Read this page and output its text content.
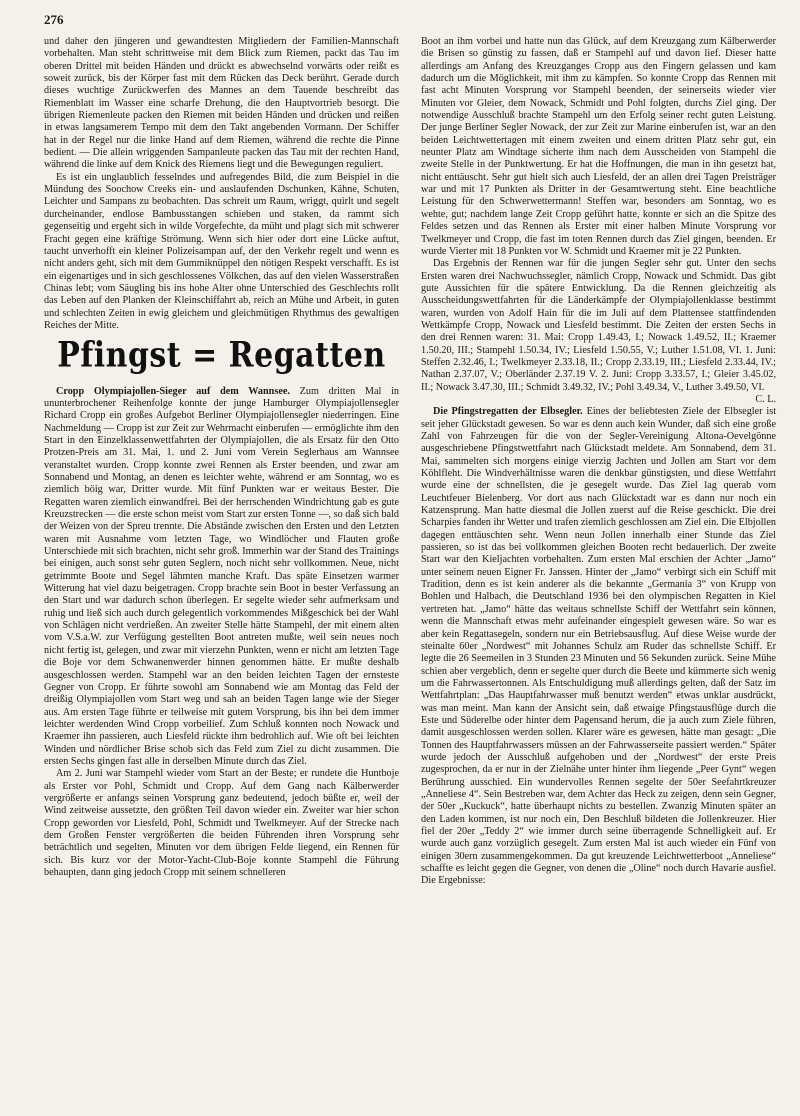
276

und daher den jüngeren und gewandtesten Mitgliedern der Familien-Mannschaft vorbehalten. Man steht schrittweise mit dem Blick zum Riemen, packt das Tau im oberen Drittel mit beiden Händen und drückt es abwechselnd vorwärts oder reißt es soweit zurück, bis der Körper fast mit dem Rücken das Deck berührt. Gerade durch dieses wuchtige Zurückwerfen des Mannes an dem Tauende beschreibt das Riemenblatt im Wasser eine scharfe Drehung, die den Hauptvortrieb besorgt. Die übrigen Riemenleute packen den Riemen mit beiden Händen und drücken und reißen in etwas langsamerem Tempo mit dem den Takt angebenden Vormann. Der Schiffer hat in der Regel nur die linke Hand auf dem Riemen, während die rechte die Pinne bedient. — Die allein wriggenden Sampanleute packen das Tau mit der rechten Hand, während die linke auf dem Knick des Riemens liegt und die Bewegungen reguliert.

Es ist ein unglaublich fesselndes und aufregendes Bild, die zum Beispiel in die Mündung des Soochow Creeks ein- und auslaufenden Dschunken, Kähne, Schuten, Leichter und Sampans zu beobachten. Das schreit um Raum, wriggt, quirlt und segelt durcheinander, endlose Bambusstangen schieben und staken, da rammt sich gegenseitig und ergeht sich in wilde Vorgefechte, da müht und plagt sich mit schwerer Fracht gegen eine kräftige Strömung. Wenn sich hier oder dort eine Lücke auftut, taucht unverhofft ein kleiner Polizeisampan auf, der den Verkehr regelt und wenn es nicht anders geht, sich mit dem Gummiknüppel den nötigen Respekt verschafft. Es ist ein eigenartiges und in sich geschlossenes Völkchen, das auf den vielen Wasserstraßen Chinas lebt; vom Säugling bis ins hohe Alter ohne Unterschied des Geschlechts rollt das Leben auf den Planken der Kleinschiffahrt ab, reich an Mühe und Arbeit, in guten und schlechten Zeiten in ewig gleichem und gleichmütigen Rhythmus des gewaltigen Reiches der Mitte.

Pfingst = Regatten

Cropp Olympiajollen-Sieger auf dem Wannsee. Zum dritten Mal in ununterbrochener Reihenfolge konnte der junge Hamburger Olympiajollensegler Richard Cropp ein großes Aufgebot Berliner Olympiajollensegler niederringen. Eine Nachmeldung — Cropp ist zur Zeit zur Wehrmacht einberufen — ermöglichte ihm den Start in den Einzelklassenwettfahrten der Olympiajollen, die als Ersatz für den Otto Protzen-Preis am 31. Mai, 1. und 2. Juni vom Verein Seglerhaus am Wannsee veranstaltet wurden. Cropp konnte zwei Rennen als Erster beenden, und zwar am Sonnabend und Montag, an denen es leichter wehte, während er am Sonntag, wo es ziemlich böig war, Dritter wurde. Mit fünf Punkten war er weitaus Bester. Die Regatten waren ziemlich einwandfrei. Bei der herrschenden Windrichtung gab es gute Kreuzstrecken — die erste schon meist vom Start zur ersten Tonne —, so daß sich bald der Weizen von der Spreu trennte. Die Abstände zwischen den Ersten und den Letzten waren mit Ausnahme vom letzten Tage, wo Windlöcher und Flauten große Unterschiede mit sich brachten, nicht sehr groß. Immerhin war der Stand des Trainings bei einigen, auch sonst sehr guten Seglern, noch nicht sehr vollkommen. Neue, nicht getrimmte Boote und Segel lähmten manche Kraft. Das späte Einsetzen warmer Witterung hat viel dazu beigetragen. Cropp brachte sein Boot in bester Verfassung an den Start und war dadurch schon überlegen. Er segelte wieder sehr aufmerksam und ruhig und ließ sich auch durch gelegentlich vorkommendes Mißgeschick bei der Wahl von Schlägen nicht verdrießen. An zweiter Stelle hätte Stampehl, der mit einem alten vom V.S.a.W. zur Verfügung gestellten Boot antreten mußte, weil sein neues noch nicht fertig ist, gelegen, und zwar mit vierzehn Punkten, wenn er nicht am letzten Tage die Boje vor dem Schwanenwerder hinnen genommen hätte. Er mußte deshalb ausgeschlossen werden. Stampehl war an den beiden leichten Tagen der ernsteste Gegner von Cropp. Er führte sowohl am Sonnabend wie am Montag das Feld der dreißig Olympiajollen vom Start weg und sah an beiden Tagen lange wie der Sieger aus. Am ersten Tage führte er teilweise mit gutem Vorsprung, bis ihn bei dem immer leichter werdenden Wind Cropp vorbeilief. Zum Schluß konnten noch Nowack und Kraemer ihn passieren, auch Liesfeld rückte ihm bedrohlich auf. Wie oft bei leichten Winden und nördlicher Brise schob sich das Feld zum Ziel zu dicht zusammen. Die ersten Sechs gingen fast alle in derselben Minute durch das Ziel.

Am 2. Juni war Stampehl wieder vom Start an der Beste; er rundete die Huntboje als Erster vor Pohl, Schmidt und Cropp. Auf dem Gang nach Kälberwerder vergrößerte er anfangs seinen Vorsprung ganz bedeutend, jedoch büßte er, weil der Wind zeitweise aussetzte, den größten Teil davon wieder ein. Zweiter war hier schon Cropp geworden vor Liesfeld, Pohl, Schmidt und Twelkmeyer. Auf der Strecke nach dem Großen Fenster vergrößerten die beiden Führenden ihren Vorsprung sehr beträchtlich und segelten, Minuten vor dem übrigen Felde liegend, ein Rennen für sich. Bis kurz vor der Motor-Yacht-Club-Boje konnte Stampehl die Führung behaupten, dann ging jedoch Cropp mit seinem schnelleren

Boot an ihm vorbei und hatte nun das Glück, auf dem Kreuzgang zum Kälberwerder die Brisen so günstig zu fassen, daß er Stampehl auf und davon lief. Dieser hatte allerdings am Anfang des Kreuzganges Cropp aus den Fingern gelassen und kam dadurch um die Möglichkeit, mit ihm zu kämpfen. So konnte Cropp das Rennen mit fast acht Minuten Vorsprung vor Stampehl beenden, der seinerseits wieder vier Minuten vor Gleier, dem Nowack, Schmidt und Pohl folgten, durchs Ziel ging. Der notwendige Ausschluß brachte Stampehl um den Erfolg seiner recht guten Leistung. Der junge Berliner Segler Nowack, der zur Zeit zur Marine einberufen ist, war an den beiden Leichtwettertagen mit einem zweiten und einem dritten Platz sehr gut, ein neunter Platz am Windtage sicherte ihm nach dem Ausscheiden von Stampehl die zweite Stelle in der Punktwertung. Er hat die Hoffnungen, die man in ihn gesetzt hat, nicht enttäuscht. Sehr gut hielt sich auch Liesfeld, der an allen drei Tagen Preisträger war und mit 17 Punkten als Dritter in der Gesamtwertung steht. Eine beachtliche Leistung für den Schwerwettermann! Steffen war, besonders am Sonntag, wo es wehte, gut; nachdem lange Zeit Cropp geführt hatte, konnte er sich an die Spitze des Feldes setzen und das Rennen als Erster mit einer halben Minute Vorsprung vor Twelkmeyer und Cropp, die fast im toten Rennen durch das Ziel gingen, beenden. Er wurde Vierter mit 18 Punkten vor W. Schmidt und Kraemer mit je 22 Punkten.

Das Ergebnis der Rennen war für die jungen Segler sehr gut. Unter den sechs Ersten waren drei Nachwuchssegler, nämlich Cropp, Nowack und Schmidt. Das gibt gute Aussichten für die spätere Entwicklung. Da die Rennen gleichzeitig als Ausscheidungswettfahrten für die Länderkämpfe der Olympiajollenklasse bestimmt waren, wurden von Adolf Hain für die im Juli auf dem Plattensee stattfindenden Wettkämpfe Cropp, Nowack und Liesfeld bestimmt. Die Zeiten der ersten Sechs in den drei Rennen waren: 31. Mai: Cropp 1.49.43, I.; Nowack 1.49.52, II.; Kraemer 1.50.20, III.; Stampehl 1.50.34, IV.; Liesfeld 1.50.55, V.; Luther 1.51.08, VI. 1. Juni: Steffen 2.32.46, I.; Twelkmeyer 2.33.18, II.; Cropp 2.33.19, III.; Liesfeld 2.33.44, IV.; Nathan 2.37.07, V.; Oberländer 2.37.19 V. 2. Juni: Cropp 3.33.57, I.; Gleier 3.45.02, II.; Nowack 3.47.30, III.; Schmidt 3.49.32, IV.; Pohl 3.49.34, V., Luther 3.49.50, VI.

C. L.

Die Pfingstregatten der Elbsegler. Eines der beliebtesten Ziele der Elbsegler ist seit jeher Glückstadt gewesen. So war es denn auch kein Wunder, daß sich eine große Zahl von Fahrzeugen für die von der Segler-Vereinigung Altona-Oevelgönne ausgeschriebene Pfingstwettfahrt nach Glückstadt meldete. Am Sonnabend, dem 31. Mai, sammelten sich morgens einige vierzig Jachten und Jollen am Start vor dem Köhlfleht. Die Windverhältnisse waren die denkbar günstigsten, und diese Wettfahrt wurde eine der schnellsten, die je gesegelt wurde. Das Ziel lag querab vom Leuchtfeuer Bielenberg. Vor dort aus nach Glückstadt war es dann nur noch ein Katzensprung. Man hatte diesmal die Jollen zuerst auf die Reise geschickt. Die drei Scharpies fanden ihr Wetter und trafen ziemlich geschlossen am Ziel ein. Die Elbjollen dagegen enttäuschten sehr. Wenn neun Jollen innerhalb einer Stunde das Ziel passieren, so ist das bei vollkommen gleichen Booten recht bedauerlich. Der zweite Start war den Kieljachten vorbehalten. Zum ersten Mal erschien der Achter „Jamo“ unter seinem neuen Eigner Fr. Janssen. Hinter der „Jamo“ verbirgt sich ein Schiff mit Tradition, denn es ist kein anderer als die bekannte „Germania 3“ von Krupp von Bohlen und Halbach, die Deutschland 1936 bei den olympischen Regatten in Kiel vertreten hat. „Jamo“ hätte das weitaus schnellste Schiff der Wettfahrt sein können, wenn die Mannschaft etwas mehr aufeinander eingespielt gewesen wäre. So war es aber kein Regattasegeln, sondern nur ein Betriebsausflug. Auf diese Weise wurde der steinalte 60er „Nordwest“ mit Johannes Schulz am Ruder das schnellste Schiff. Er legte die 26 Seemeilen in 3 Stunden 23 Minuten und 56 Sekunden zurück. Seine Mühe schien aber vergeblich, denn er segelte quer durch die Beete und kümmerte sich wenig um die Fahrwassertonnen. Als Entschuldigung muß allerdings gelten, daß der Satz im Wettfahrtplan: „Das Hauptfahrwasser muß benutzt werden“ etwas unklar ausdrückt, was man meint. Man kann der Ansicht sein, daß etwaige Pfingstausflüge durch die Este und Süderelbe oder hinter dem Pagensand herum, die ja auch zum Ziele führen, damit ausgeschlossen werden sollen. Klarer wäre es gewesen, hätte man gesagt: „Die Tonnen des Hauptfahrwassers müssen an der Fahrwasserseite passiert werden.“ Später wurde jedoch der Ausschluß aufgehoben und der „Nordwest“ der erste Preis zugesprochen, da er nur in der Zielnähe unter hinter ihm liegende „Peer Gynt“ wegen Berührung ausschied. Ein wundervolles Rennen segelte der 50er Seefahrtkreuzer „Anneliese 4“. Sein Bestreben war, dem Achter das Heck zu zeigen, denn sein Gegner, der 50er „Kuckuck“, hatte überhaupt nichts zu bestellen. Zwanzig Minuten später an den Laden kommen, ist nur noch ein, Den Beschluß bildeten die Jollenkreuzer. Hier fiel der 20er „Teddy 2“ wie immer durch seine überragende Schnelligkeit auf. Er wurde auch ganz vorzüglich gesegelt. Zum ersten Mal ist auch wieder ein Fünf von einigen 30ern zusammengekommen. Da gut kreuzende Leichtwetterboot „Anneliese“ schaffte es leicht gegen die Gegner, von denen die „Oline“ noch durch Havarie ausfiel. Die Ergebnisse:
